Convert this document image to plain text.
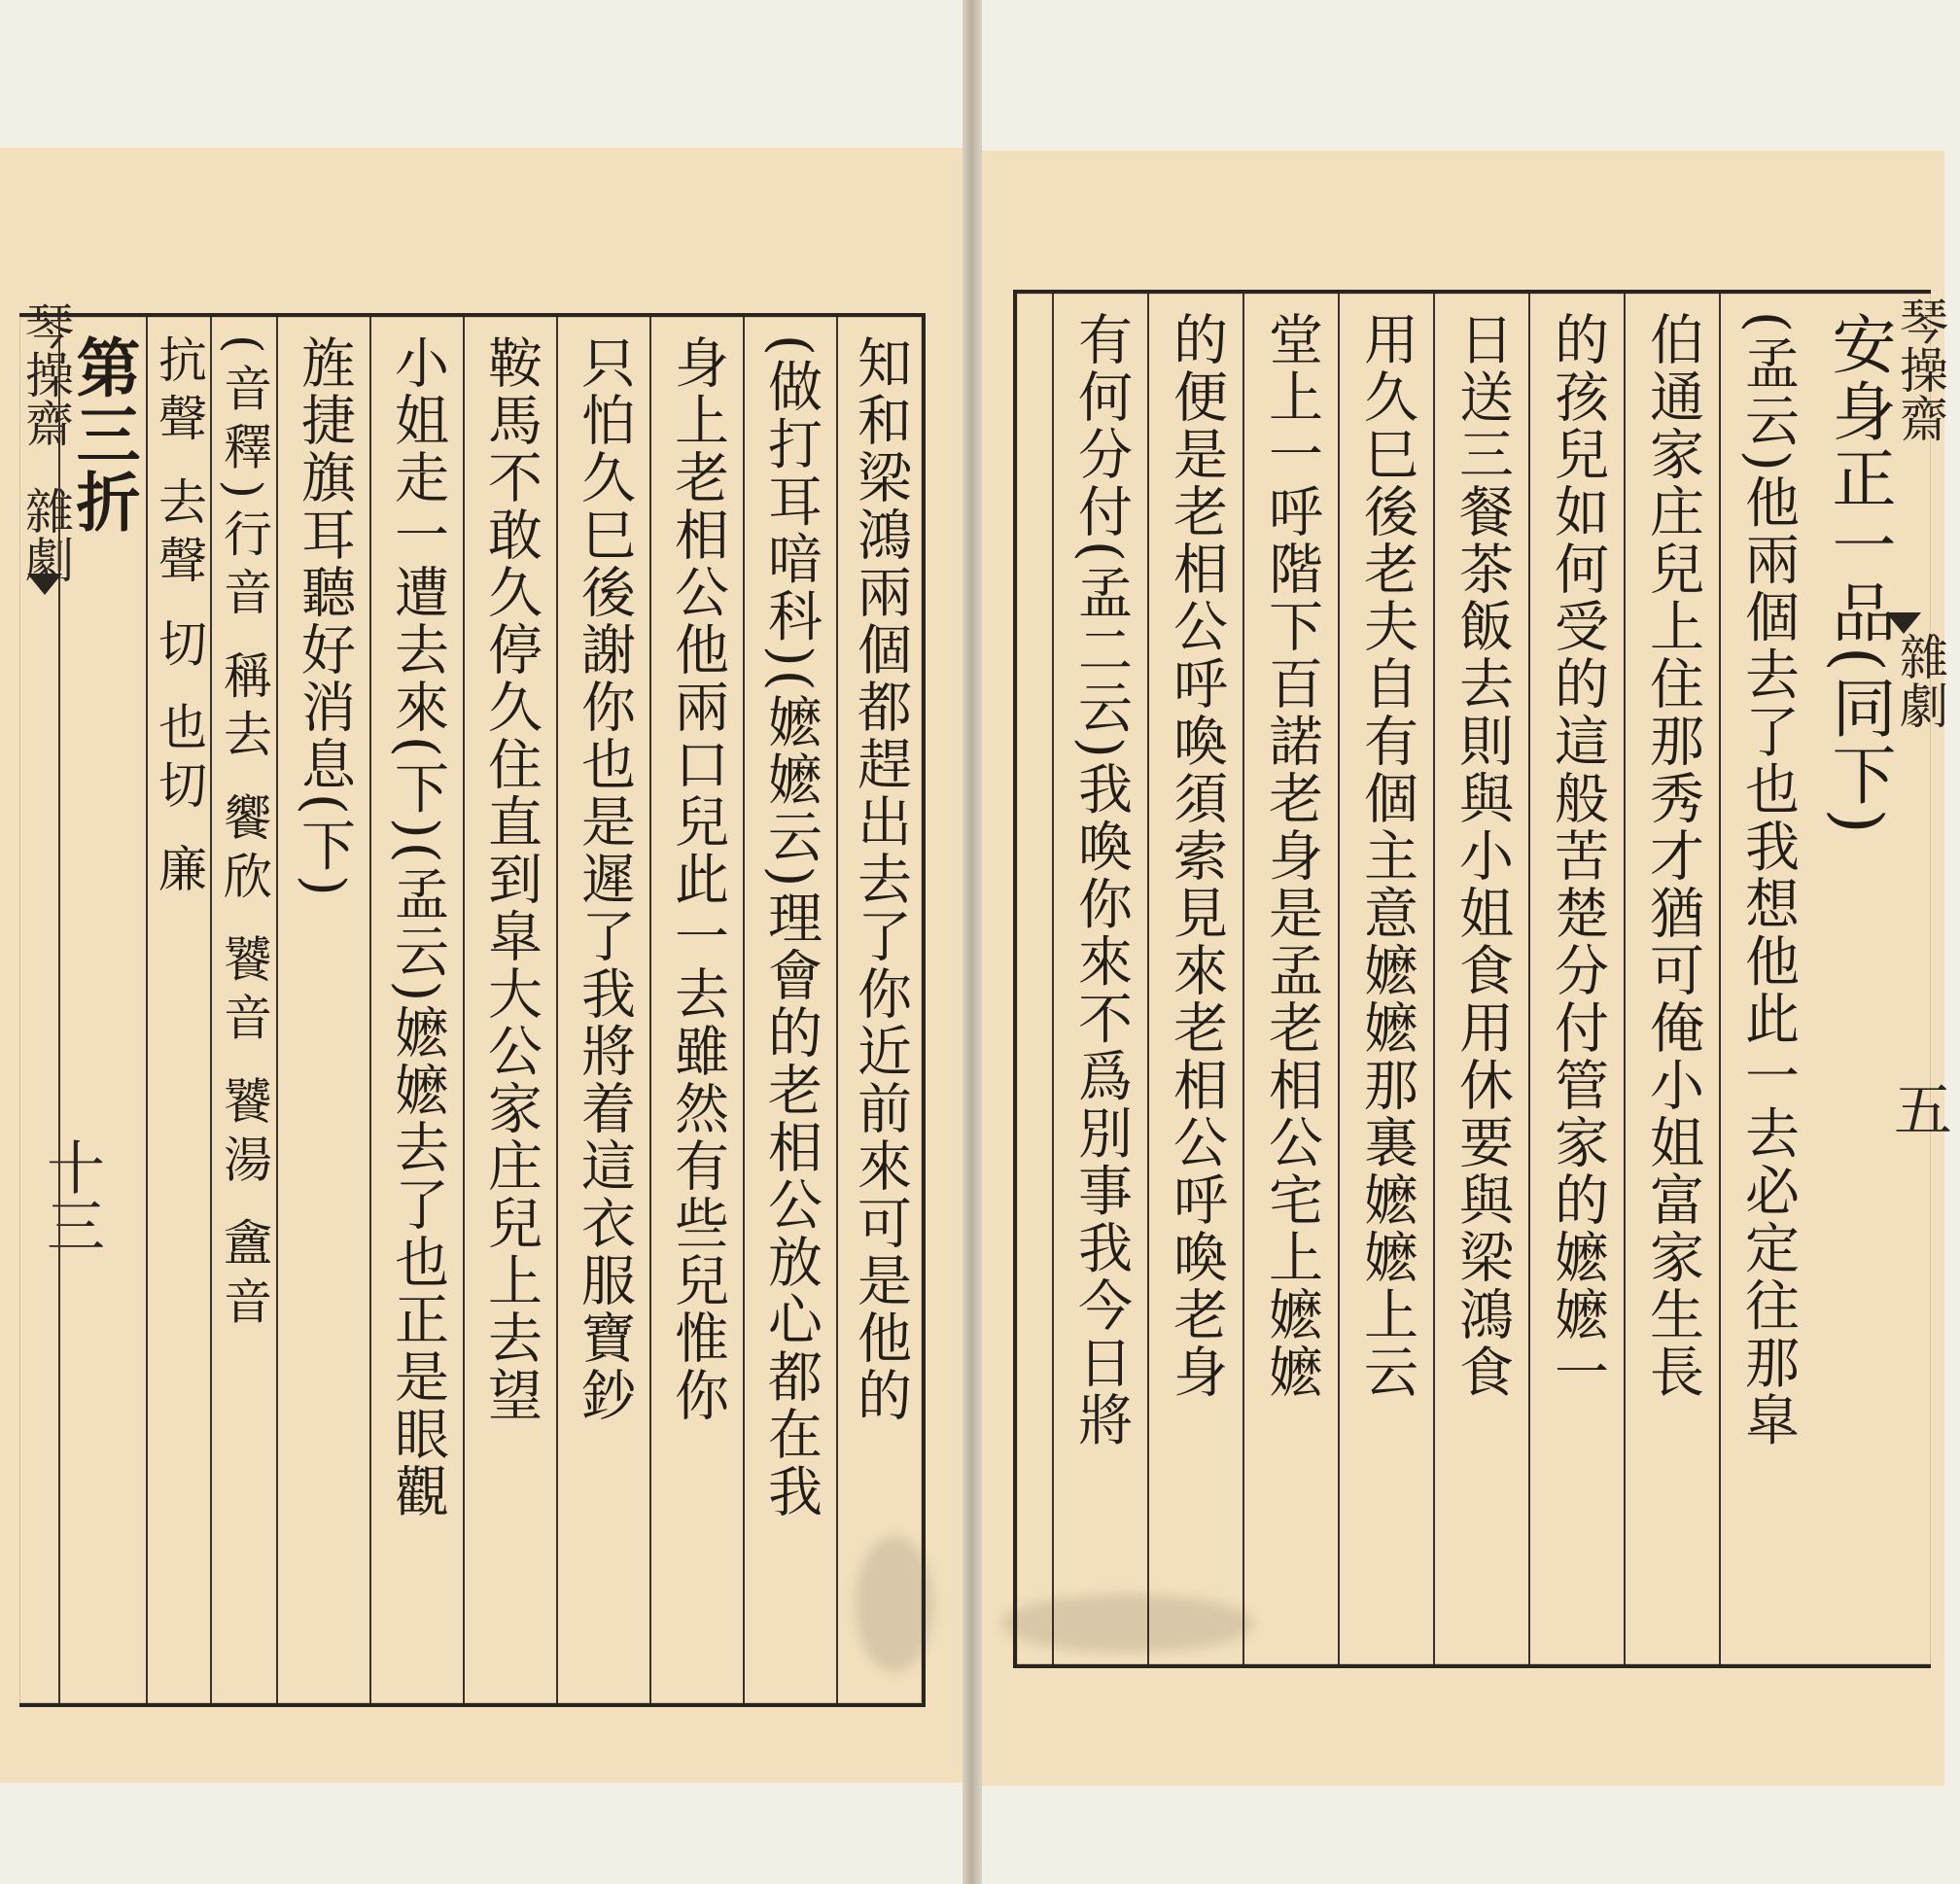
琴操齋
雜劇
十三	知和梁鴻兩個都趕出去了你近前來可是他的
(做打耳喑科)(嬷嬷云)理會的老相公放心都在我
身上老相公他兩口兒此一去雖然有些兒惟你
只怕久巳後謝你也是遲了我將着這衣服寶鈔
鞍馬不敢久停久住直到皐大公家庄兒上去望
小姐走一遭去來(下)(孟云)嬷嬷去了也正是眼觀
旌捷旗耳聽好消息(下)
(音釋)行音 稱去 饗欣 饕音 饕湯 盦音
抗聲 去聲 切 也切 廉
第三折	琴操齋
雜劇
五
安身正一品(同下)
(孟云)他兩個去了也我想他此一去必定往那皐
伯通家庄兒上住那秀才猶可俺小姐富家生長
的孩兒如何受的這般苦楚分付管家的嬷嬷一
日送三餐茶飯去則與小姐食用休要與梁鴻食
用久巳後老夫自有個主意嬷嬷那裏嬷嬷上云
堂上一呼階下百諾老身是孟老相公宅上嬷嬷
的便是老相公呼喚須索見來老相公呼喚老身
有何分付(孟二云)我喚你來不爲別事我今日將
